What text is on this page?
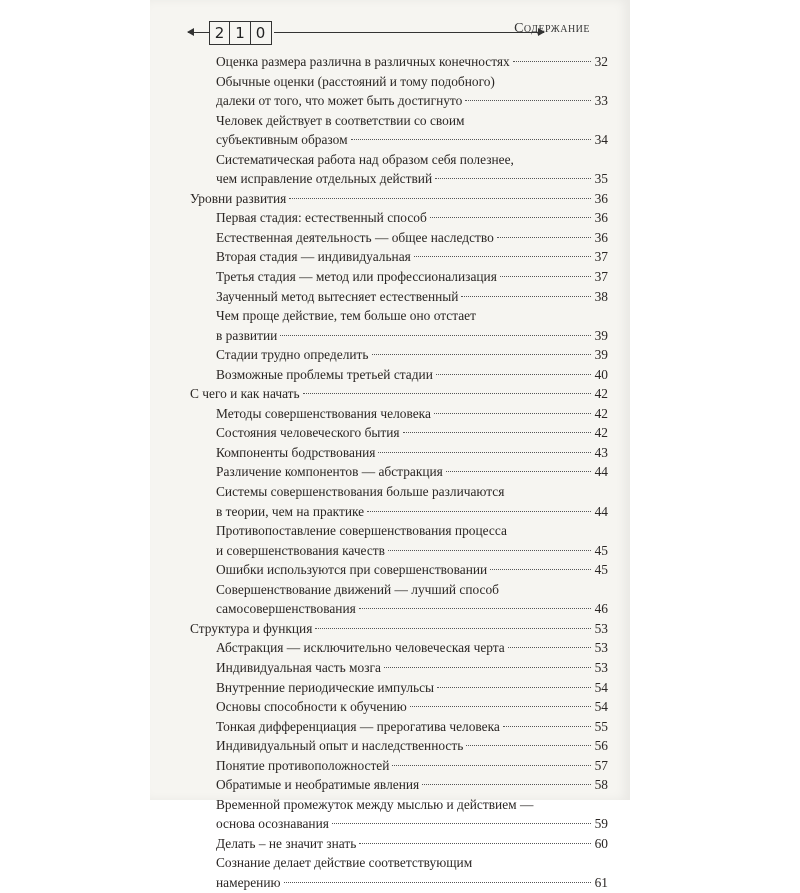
2 1 0	Содержание
Оценка размера различна в различных конечностях	32
Обычные оценки (расстояний и тому подобного)
далеки от того, что может быть достигнуто	33
Человек действует в соответствии со своим
субъективным образом	34
Систематическая работа над образом себя полезнее,
чем исправление отдельных действий	35
Уровни развития	36
Первая стадия: естественный способ	36
Естественная деятельность — общее наследство	36
Вторая стадия — индивидуальная	37
Третья стадия — метод или профессионализация	37
Заученный метод вытесняет естественный	38
Чем проще действие, тем больше оно отстает
в развитии	39
Стадии трудно определить	39
Возможные проблемы третьей стадии	40
С чего и как начать	42
Методы совершенствования человека	42
Состояния человеческого бытия	42
Компоненты бодрствования	43
Различение компонентов — абстракция	44
Системы совершенствования больше различаются
в теории, чем на практике	44
Противопоставление совершенствования процесса
и совершенствования качеств	45
Ошибки используются при совершенствовании	45
Совершенствование движений — лучший способ
самосовершенствования	46
Структура и функция	53
Абстракция — исключительно человеческая черта	53
Индивидуальная часть мозга	53
Внутренние периодические импульсы	54
Основы способности к обучению	54
Тонкая дифференциация — прерогатива человека	55
Индивидуальный опыт и наследственность	56
Понятие противоположностей	57
Обратимые и необратимые явления	58
Временной промежуток между мыслью и действием —
основа осознавания	59
Делать – не значит знать	60
Сознание делает действие соответствующим
намерению	61
